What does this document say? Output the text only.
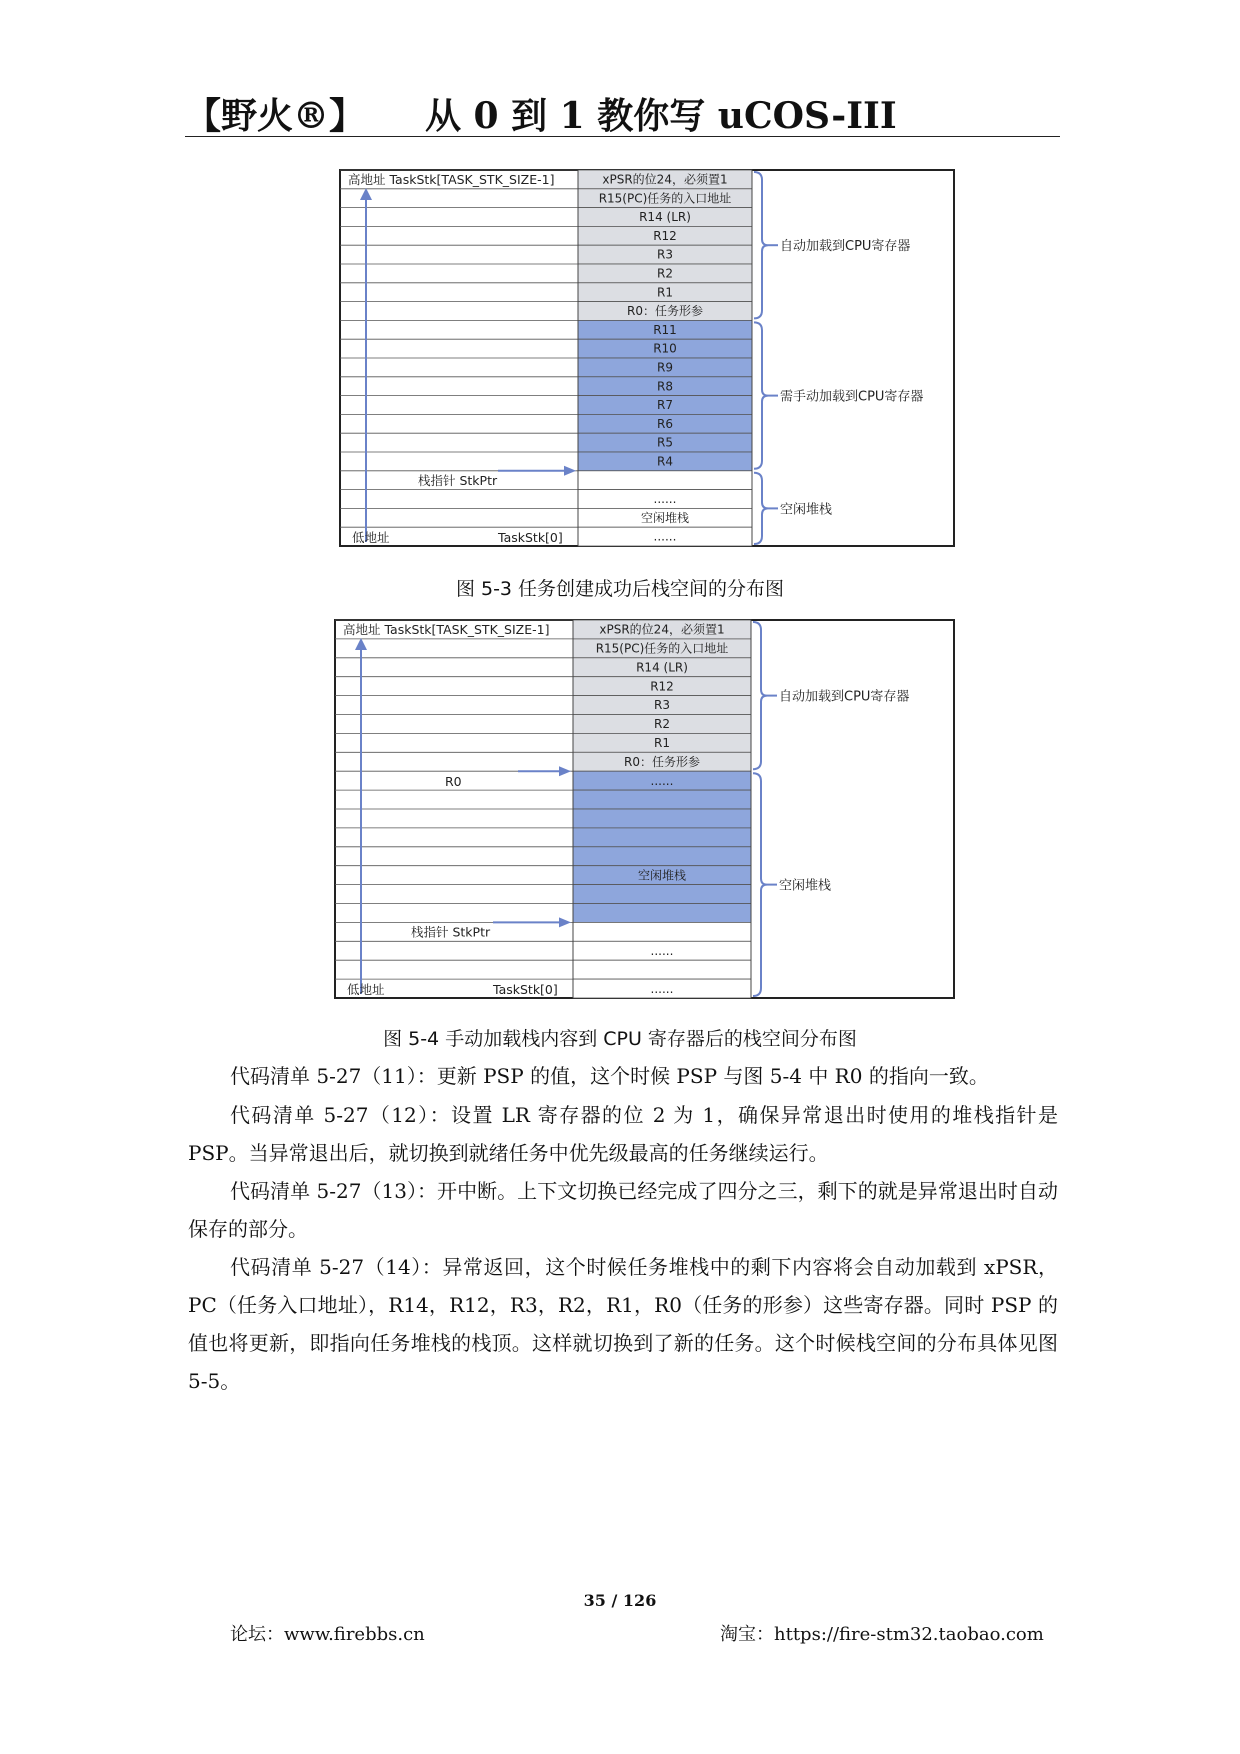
【野火®】 从 0 到 1 教你写 uCOS-III
xPSR的位24，必须置1
R15(PC)任务的入口地址
R14 (LR)
R12
R3
R2
R1
R0：任务形参
R11
R10
R9
R8
R7
R6
R5
R4
......
空闲堆栈
......
高地址 TaskStk[TASK_STK_SIZE-1]
栈指针 StkPtr
低地址	TaskStk[0]
自动加载到CPU寄存器
需手动加载到CPU寄存器
空闲堆栈
图 5-3 任务创建成功后栈空间的分布图
xPSR的位24，必须置1
R15(PC)任务的入口地址
R14 (LR)
R12
R3
R2
R1
R0：任务形参
......
空闲堆栈
......
......
高地址 TaskStk[TASK_STK_SIZE-1]
R0
栈指针 StkPtr
低地址	TaskStk[0]
自动加载到CPU寄存器
空闲堆栈
图 5-4 手动加载栈内容到 CPU 寄存器后的栈空间分布图
代码清单 5-27（11）：更新 PSP 的值，这个时候 PSP 与图 5-4 中 R0 的指向一致。
代码清单 5-27（12）：设置 LR 寄存器的位 2 为 1，确保异常退出时使用的堆栈指针是 PSP。当异常退出后，就切换到就绪任务中优先级最高的任务继续运行。
代码清单 5-27（13）：开中断。上下文切换已经完成了四分之三，剩下的就是异常退出时自动保存的部分。
代码清单 5-27（14）：异常返回，这个时候任务堆栈中的剩下内容将会自动加载到 xPSR，PC（任务入口地址），R14，R12，R3，R2，R1，R0（任务的形参）这些寄存器。同时 PSP 的值也将更新，即指向任务堆栈的栈顶。这样就切换到了新的任务。这个时候栈空间的分布具体见图 5-5。
35 / 126
论坛：www.firebbs.cn	淘宝：https://fire-stm32.taobao.com
